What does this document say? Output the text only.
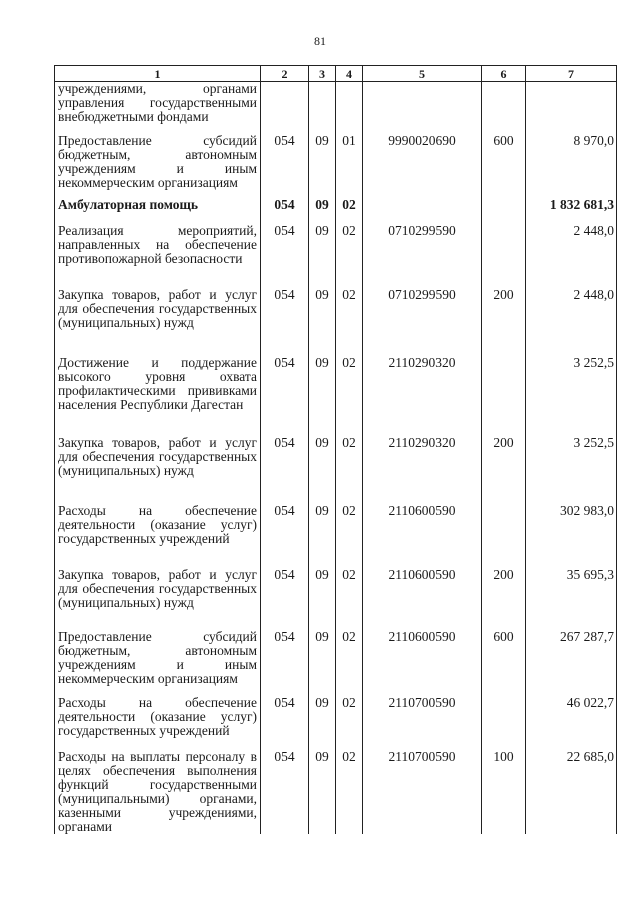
81
1	2	3	4	5	6	7
учреждениями, органами управления государственными внебюджетными фондами						
Предоставление субсидий бюджетным, автономным учреждениям и иным некоммерческим организациям	054	09	01	9990020690	600	8 970,0
Амбулаторная помощь	054	09	02			1 832 681,3
Реализация мероприятий, направленных на обеспечение противопожарной безопасности	054	09	02	0710299590		2 448,0
Закупка товаров, работ и услуг для обеспечения государственных (муниципальных) нужд	054	09	02	0710299590	200	2 448,0
Достижение и поддержание высокого уровня охвата профилактическими прививками населения Республики Дагестан	054	09	02	2110290320		3 252,5
Закупка товаров, работ и услуг для обеспечения государственных (муниципальных) нужд	054	09	02	2110290320	200	3 252,5
Расходы на обеспечение деятельности (оказание услуг) государственных учреждений	054	09	02	2110600590		302 983,0
Закупка товаров, работ и услуг для обеспечения государственных (муниципальных) нужд	054	09	02	2110600590	200	35 695,3
Предоставление субсидий бюджетным, автономным учреждениям и иным некоммерческим организациям	054	09	02	2110600590	600	267 287,7
Расходы на обеспечение деятельности (оказание услуг) государственных учреждений	054	09	02	2110700590		46 022,7
Расходы на выплаты персоналу в целях обеспечения выполнения функций государственными (муниципальными) органами, казенными учреждениями, органами	054	09	02	2110700590	100	22 685,0
